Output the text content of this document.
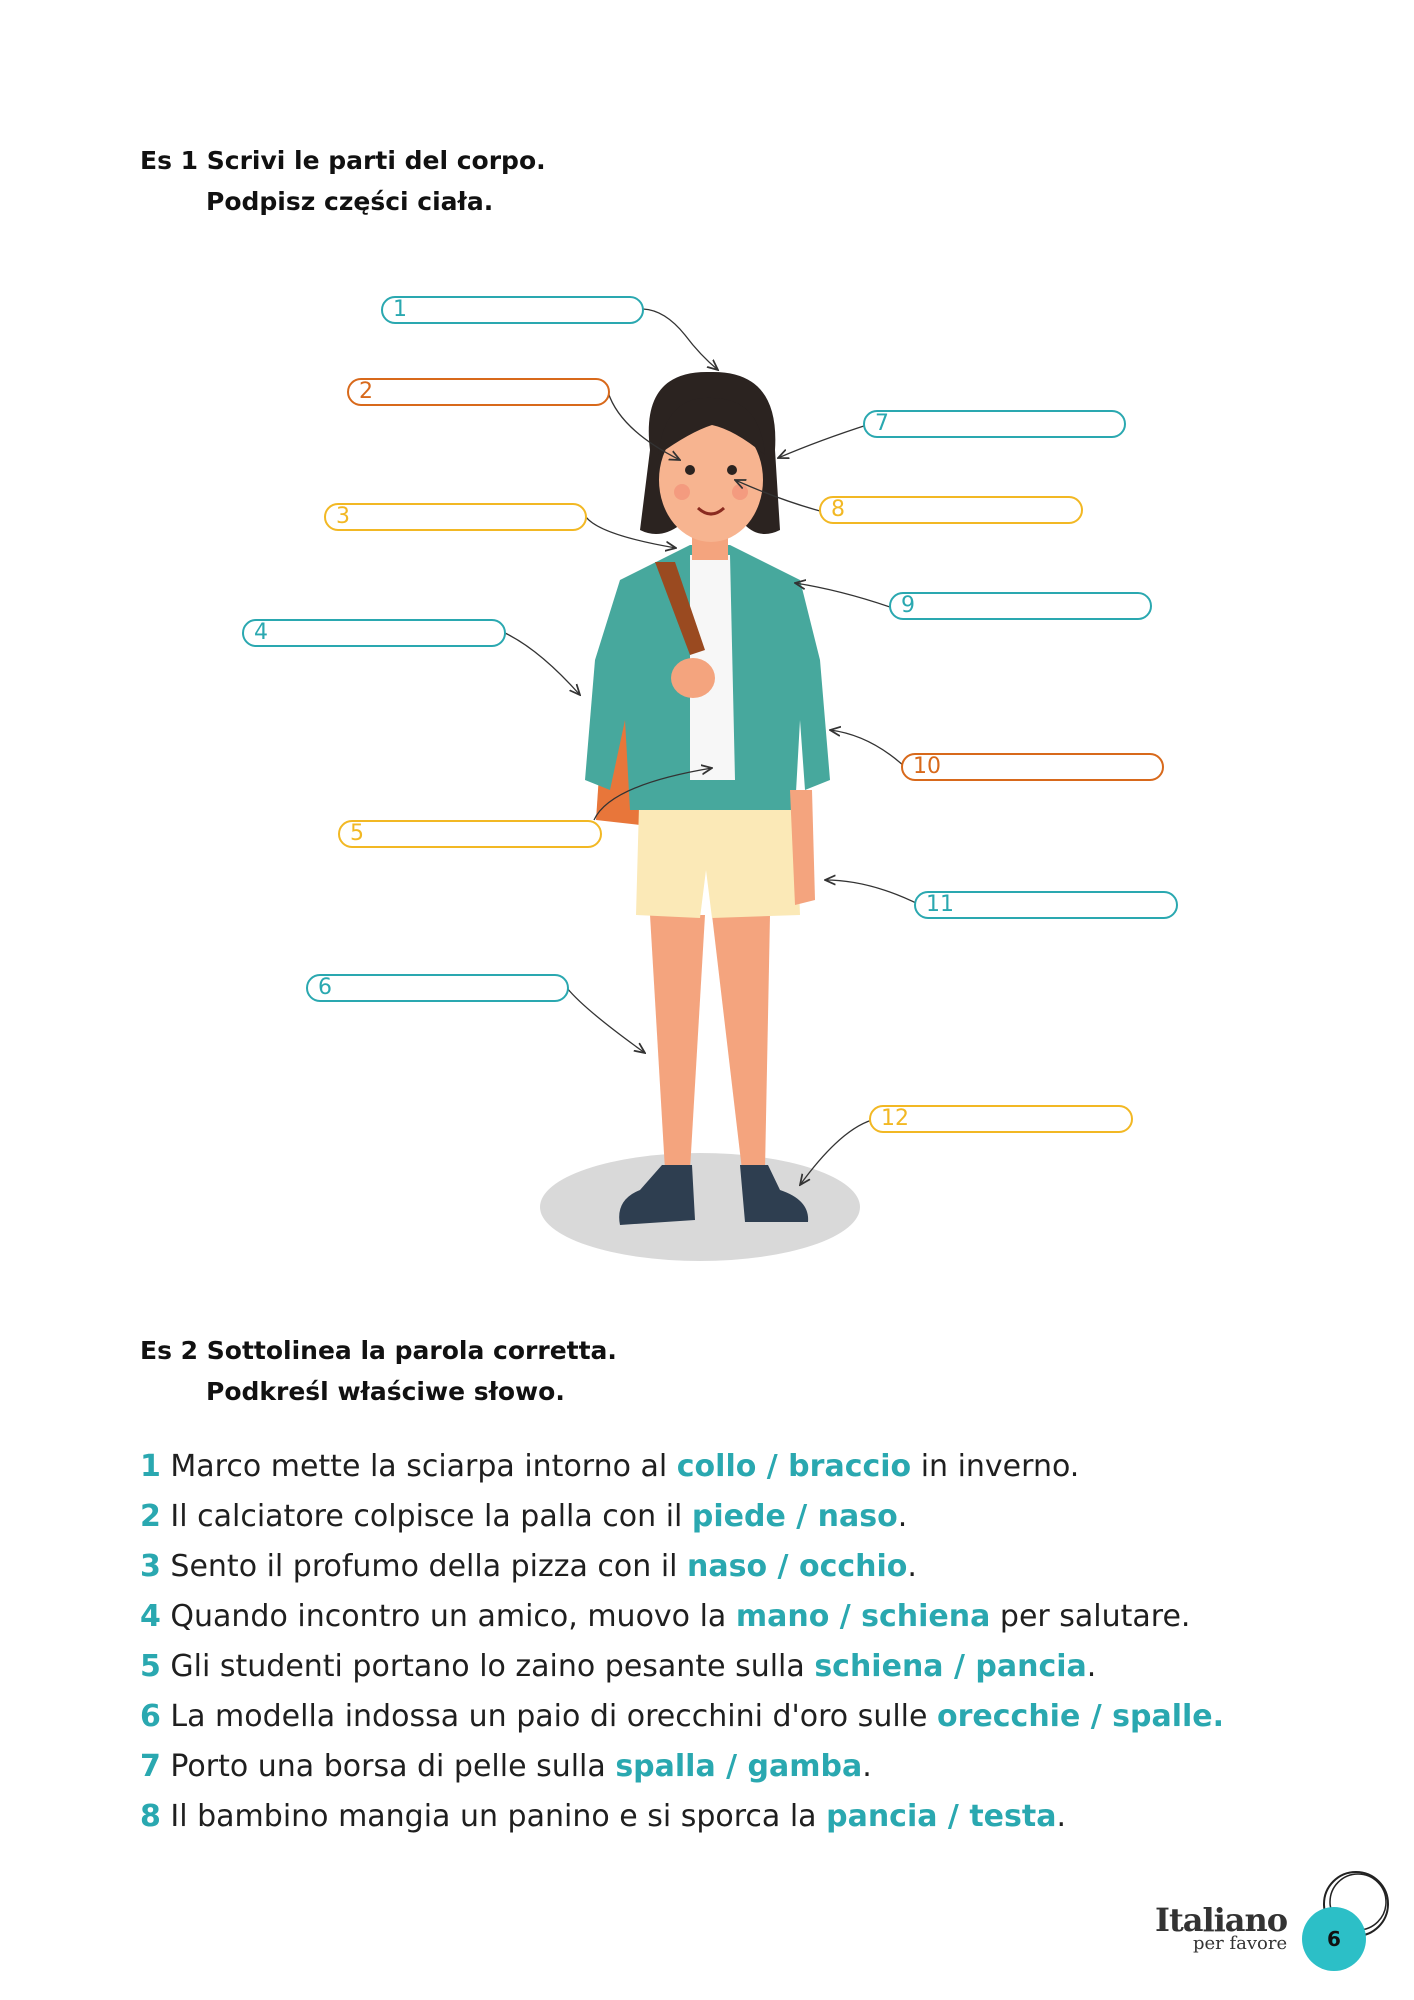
Es 1 Scrivi le parti del corpo.
Podpisz części ciała.
1
2
3
4
5
6
7
8
9
10
11
12
Es 2 Sottolinea la parola corretta.
Podkreśl właściwe słowo.
1 Marco mette la sciarpa intorno al collo / braccio in inverno.
2 Il calciatore colpisce la palla con il piede / naso.
3 Sento il profumo della pizza con il naso / occhio.
4 Quando incontro un amico, muovo la mano / schiena per salutare.
5 Gli studenti portano lo zaino pesante sulla schiena / pancia.
6 La modella indossa un paio di orecchini d'oro sulle orecchie / spalle.
7 Porto una borsa di pelle sulla spalla / gamba.
8 Il bambino mangia un panino e si sporca la pancia / testa.
Italiano
per favore	6
